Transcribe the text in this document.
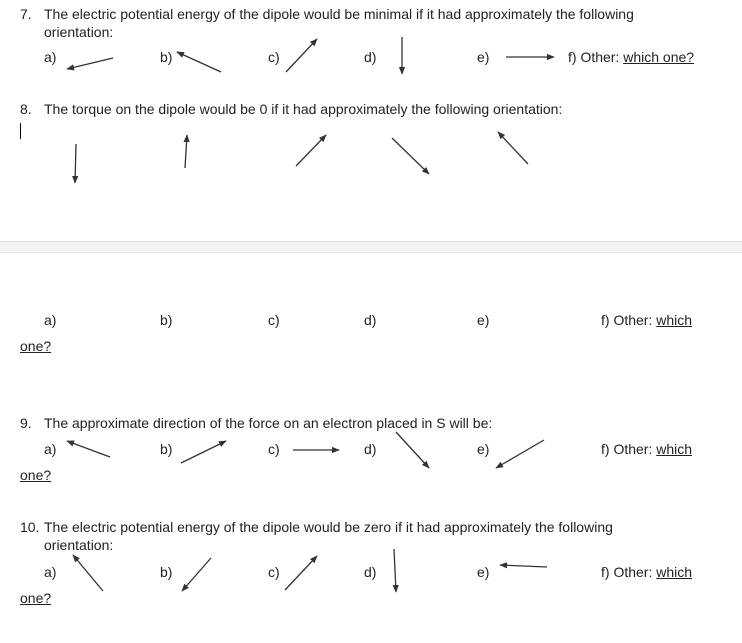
7. The electric potential energy of the dipole would be minimal if it had approximately the following
orientation:
a)	b)	c)	d)	e)	f) Other: which one?
8. The torque on the dipole would be 0 if it had approximately the following orientation:
a)	b)	c)	d)	e)	f) Other: which
one?
9. The approximate direction of the force on an electron placed in S will be:
a)	b)	c)	d)	e)	f) Other: which
one?
10. The electric potential energy of the dipole would be zero if it had approximately the following
orientation:
a)	b)	c)	d)	e)	f) Other: which
one?
